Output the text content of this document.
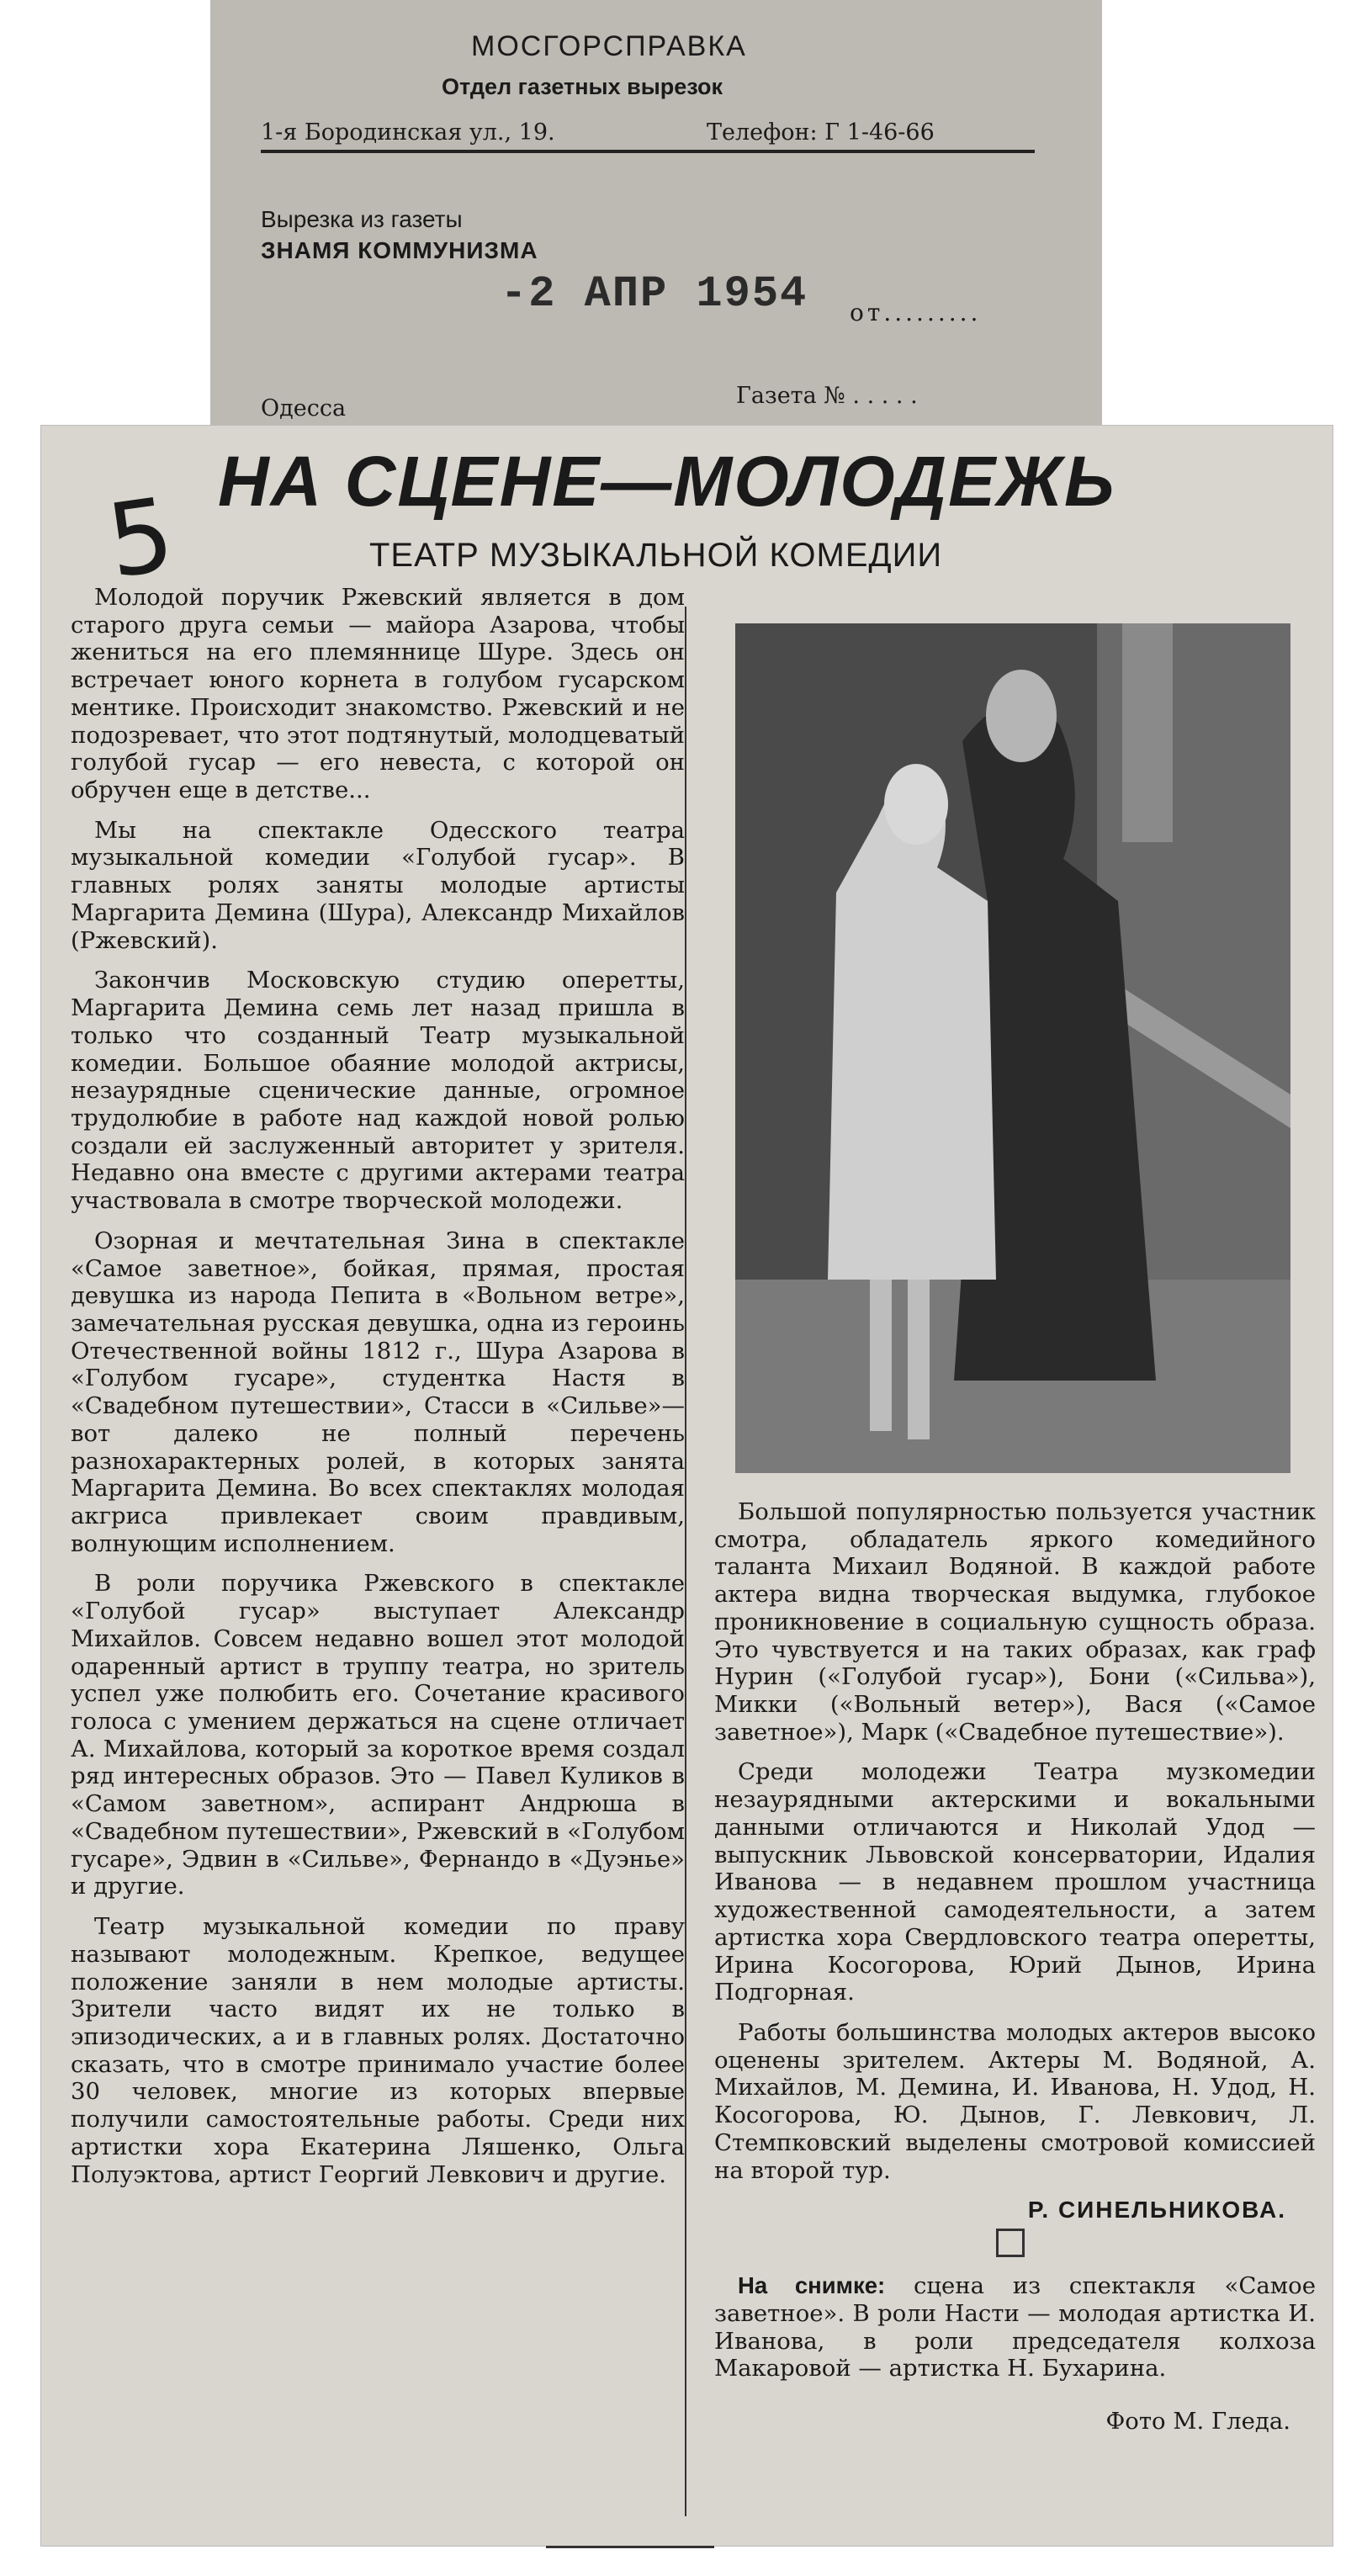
МОСГОРСПРАВКА
Отдел газетных вырезок
1-я Бородинская ул., 19.	Телефон: Г 1-46-66
Вырезка из газеты
ЗНАМЯ КОММУНИЗМА
-2 АПР 1954 от.........
Одесса	Газета № . . . . .
5 НА СЦЕНЕ—МОЛОДЕЖЬ
ТЕАТР МУЗЫКАЛЬНОЙ КОМЕДИИ

Молодой поручик Ржевский является в дом старого друга семьи — майора Азарова, чтобы жениться на его племяннице Шуре. Здесь он встречает юного корнета в голубом гусарском ментике. Происходит знакомство. Ржевский и не подозревает, что этот подтянутый, молодцеватый голубой гусар — его невеста, с которой он обручен еще в детстве...

Мы на спектакле Одесского театра музыкальной комедии «Голубой гусар». В главных ролях заняты молодые артисты Маргарита Демина (Шура), Александр Михайлов (Ржевский).

Закончив Московскую студию оперетты, Маргарита Демина семь лет назад пришла в только что созданный Театр музыкальной комедии. Большое обаяние молодой актрисы, незаурядные сценические данные, огромное трудолюбие в работе над каждой новой ролью создали ей заслуженный авторитет у зрителя. Недавно она вместе с другими актерами театра участвовала в смотре творческой молодежи.

Озорная и мечтательная Зина в спектакле «Самое заветное», бойкая, прямая, простая девушка из народа Пепита в «Вольном ветре», замечательная русская девушка, одна из героинь Отечественной войны 1812 г., Шура Азарова в «Голубом гусаре», студентка Настя в «Свадебном путешествии», Стасси в «Сильве»—вот далеко не полный перечень разнохарактерных ролей, в которых занята Маргарита Демина. Во всех спектаклях молодая акгриса привлекает своим правдивым, волнующим исполнением.

В роли поручика Ржевского в спектакле «Голубой гусар» выступает Александр Михайлов. Совсем недавно вошел этот молодой одаренный артист в труппу театра, но зритель успел уже полюбить его. Сочетание красивого голоса с умением держаться на сцене отличает А. Михайлова, который за короткое время создал ряд интересных образов. Это — Павел Куликов в «Самом заветном», аспирант Андрюша в «Свадебном путешествии», Ржевский в «Голубом гусаре», Эдвин в «Сильве», Фернандо в «Дуэнье» и другие.

Театр музыкальной комедии по праву называют молодежным. Крепкое, ведущее положение заняли в нем молодые артисты. Зрители часто видят их не только в эпизодических, а и в главных ролях. Достаточно сказать, что в смотре принимало участие более 30 человек, многие из которых впервые получили самостоятельные работы. Среди них артистки хора Екатерина Ляшенко, Ольга Полуэктова, артист Георгий Левкович и другие.

Большой популярностью пользуется участник смотра, обладатель яркого комедийного таланта Михаил Водяной. В каждой работе актера видна творческая выдумка, глубокое проникновение в социальную сущность образа. Это чувствуется и на таких образах, как граф Нурин («Голубой гусар»), Бони («Сильва»), Микки («Вольный ветер»), Вася («Самое заветное»), Марк («Свадебное путешествие»).

Среди молодежи Театра музкомедии незаурядными актерскими и вокальными данными отличаются и Николай Удод — выпускник Львовской консерватории, Идалия Иванова — в недавнем прошлом участница художественной самодеятельности, а затем артистка хора Свердловского театра оперетты, Ирина Косогорова, Юрий Дынов, Ирина Подгорная.

Работы большинства молодых актеров высоко оценены зрителем. Актеры М. Водяной, А. Михайлов, М. Демина, И. Иванова, Н. Удод, Н. Косогорова, Ю. Дынов, Г. Левкович, Л. Стемпковский выделены смотровой комиссией на второй тур.

Р. СИНЕЛЬНИКОВА.

На снимке: сцена из спектакля «Самое заветное». В роли Насти — молодая артистка И. Иванова, в роли председателя колхоза Макаровой — артистка Н. Бухарина.

Фото М. Гледа.
